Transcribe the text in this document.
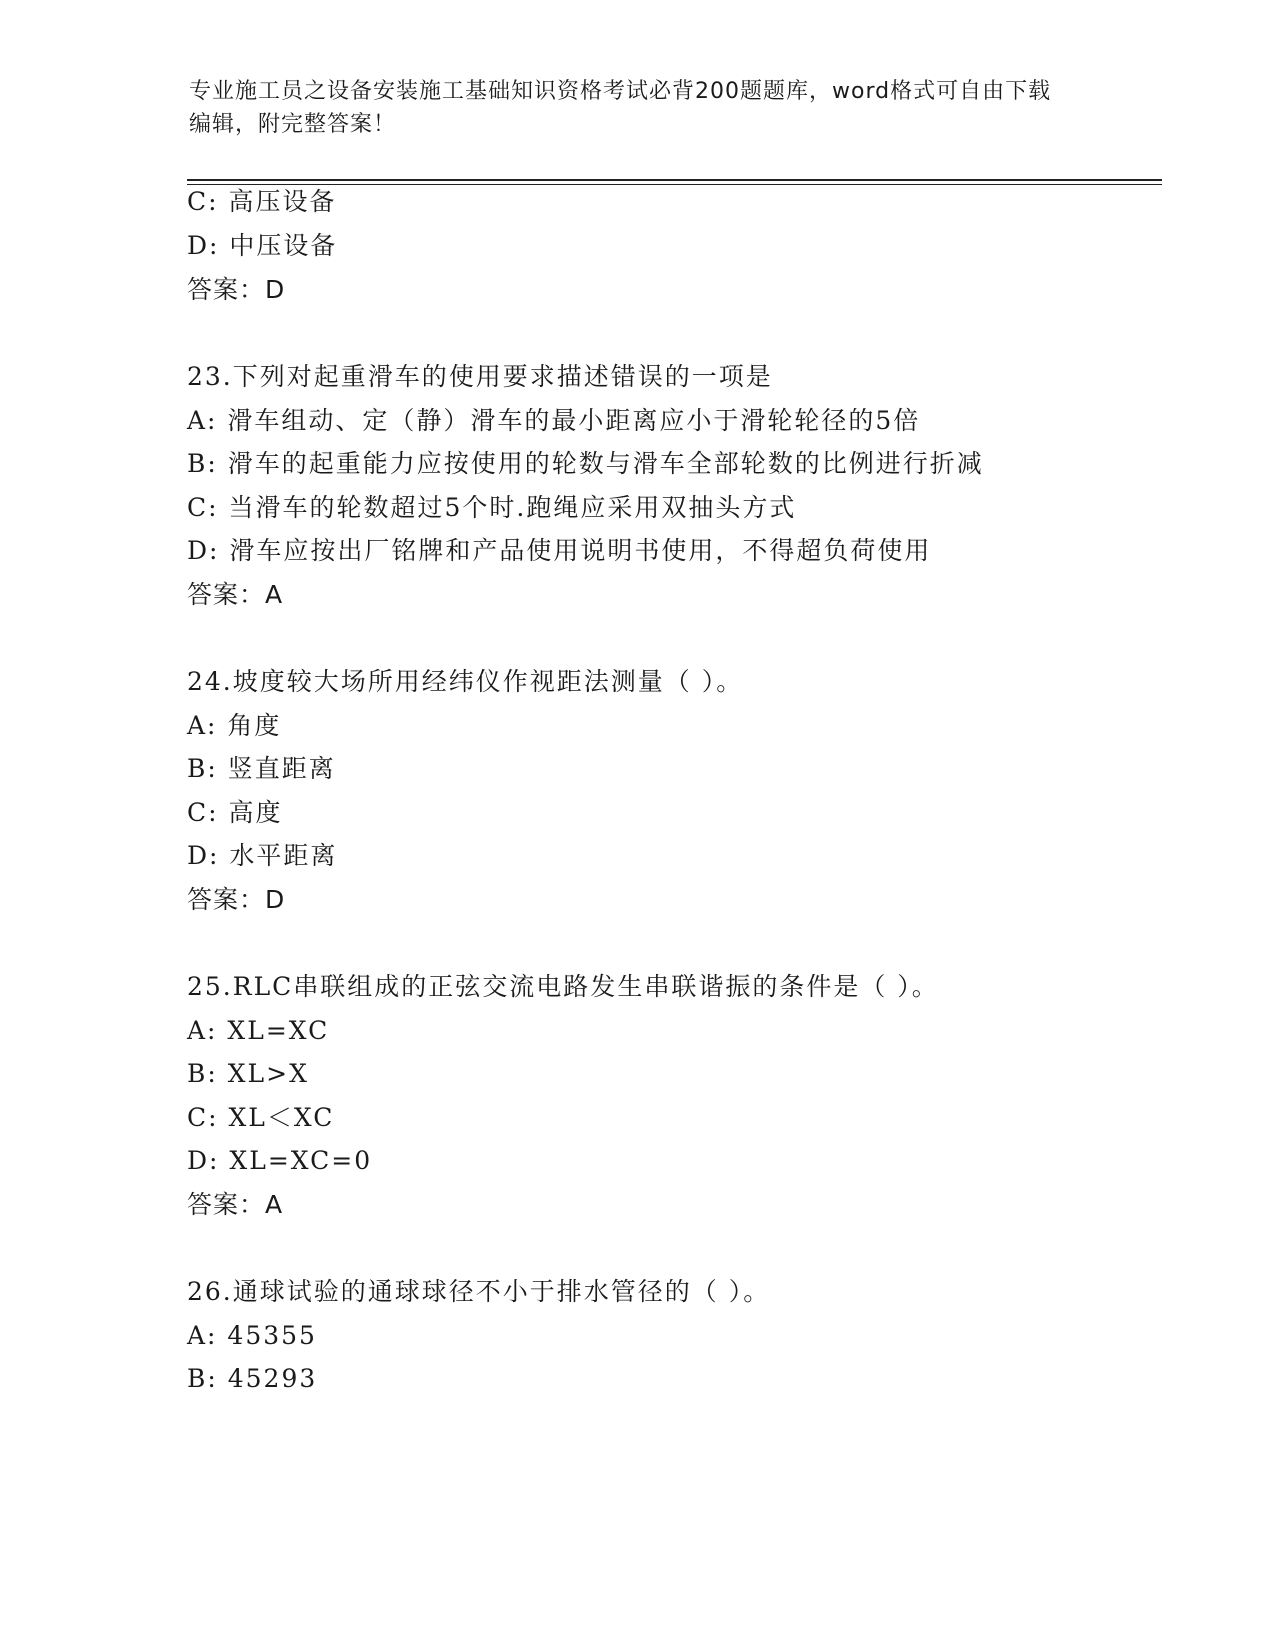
专业施工员之设备安装施工基础知识资格考试必背200题题库，word格式可自由下载编辑，附完整答案！
C: 高压设备
D: 中压设备
答案：D
23.下列对起重滑车的使用要求描述错误的一项是
A: 滑车组动、定（静）滑车的最小距离应小于滑轮轮径的5倍
B: 滑车的起重能力应按使用的轮数与滑车全部轮数的比例进行折减
C: 当滑车的轮数超过5个时.跑绳应采用双抽头方式
D: 滑车应按出厂铭牌和产品使用说明书使用，不得超负荷使用
答案：A
24.坡度较大场所用经纬仪作视距法测量（ ）。
A: 角度
B: 竖直距离
C: 高度
D: 水平距离
答案：D
25.RLC串联组成的正弦交流电路发生串联谐振的条件是（ ）。
A: XL=XC
B: XL>X
C: XL＜XC
D: XL=XC=0
答案：A
26.通球试验的通球球径不小于排水管径的（ ）。
A: 45355
B: 45293
